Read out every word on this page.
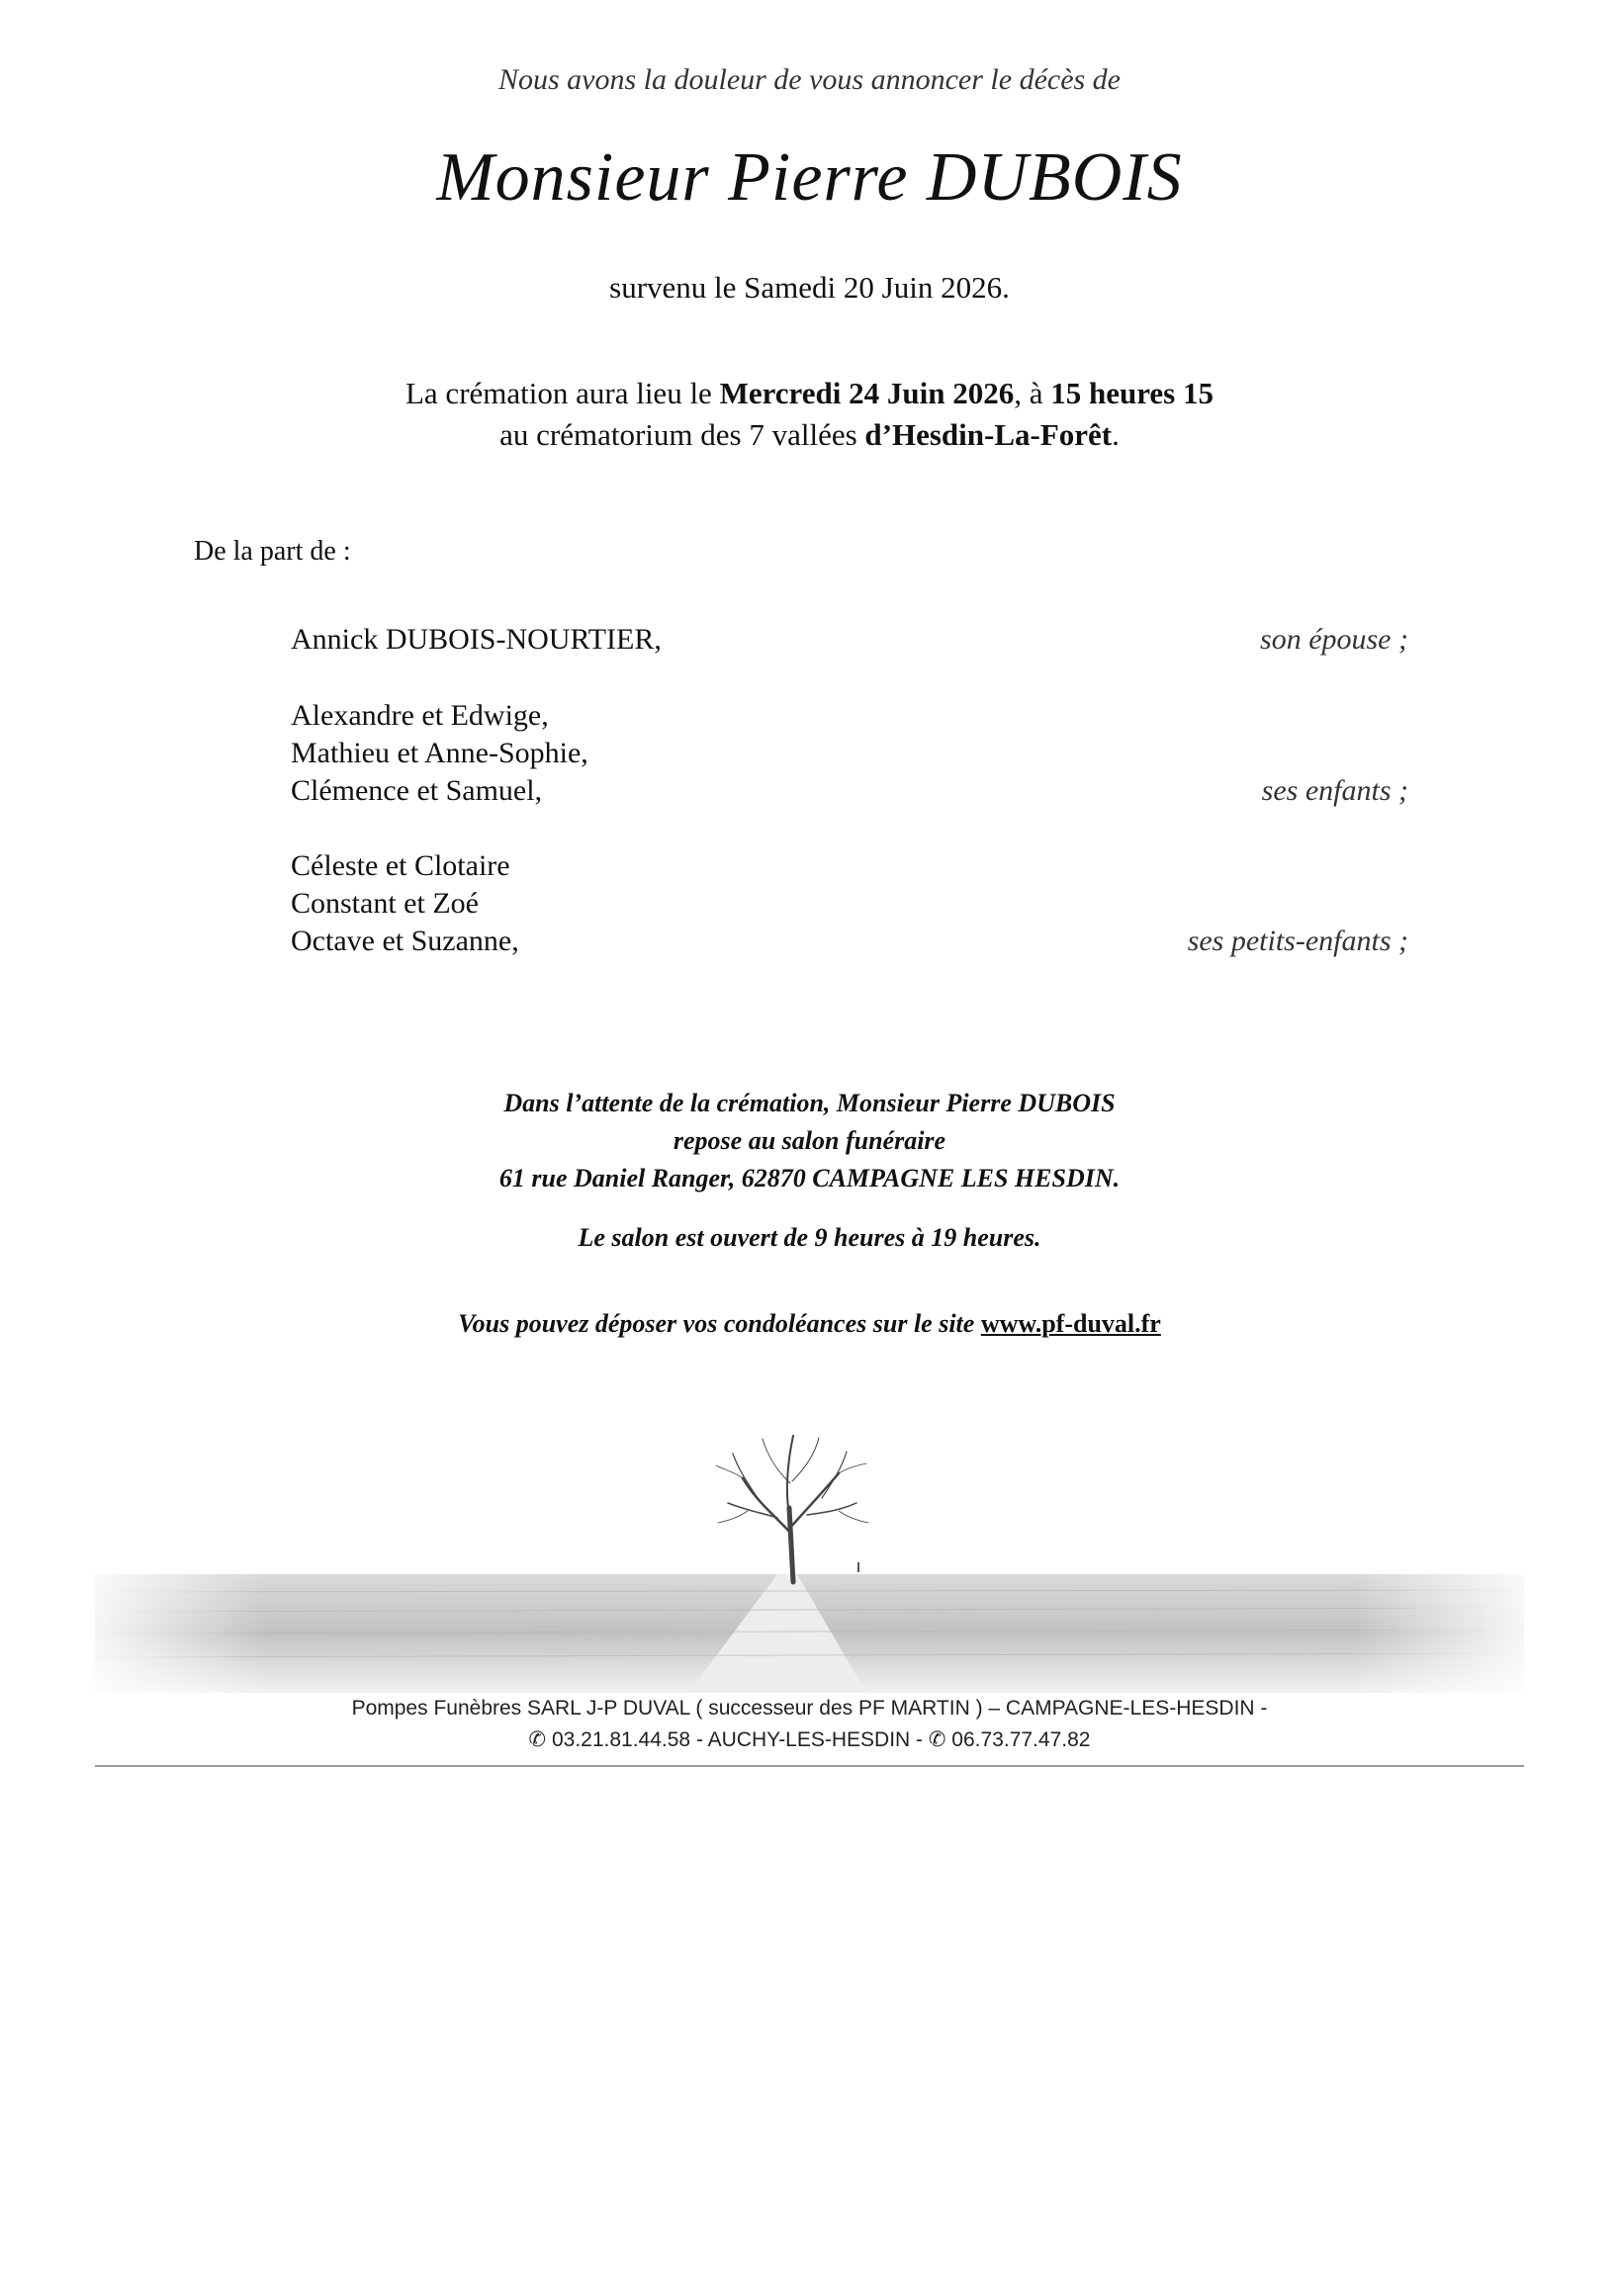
Nous avons la douleur de vous annoncer le décès de
Monsieur Pierre DUBOIS
survenu le Samedi 20 Juin 2026.
La crémation aura lieu le Mercredi 24 Juin 2026, à 15 heures 15
au crématorium des 7 vallées d’Hesdin-La-Forêt.
De la part de :
Annick DUBOIS-NOURTIER,	son épouse ;
Alexandre et Edwige,
Mathieu et Anne-Sophie,
Clémence et Samuel,	ses enfants ;
Céleste et Clotaire
Constant et Zoé
Octave et Suzanne,	ses petits-enfants ;
Dans l’attente de la crémation, Monsieur Pierre DUBOIS
repose au salon funéraire
61 rue Daniel Ranger, 62870 CAMPAGNE LES HESDIN.
Le salon est ouvert de 9 heures à 19 heures.
Vous pouvez déposer vos condoléances sur le site www.pf-duval.fr
Pompes Funèbres SARL J-P DUVAL ( successeur des PF MARTIN ) – CAMPAGNE-LES-HESDIN -
✆ 03.21.81.44.58 - AUCHY-LES-HESDIN - ✆ 06.73.77.47.82
